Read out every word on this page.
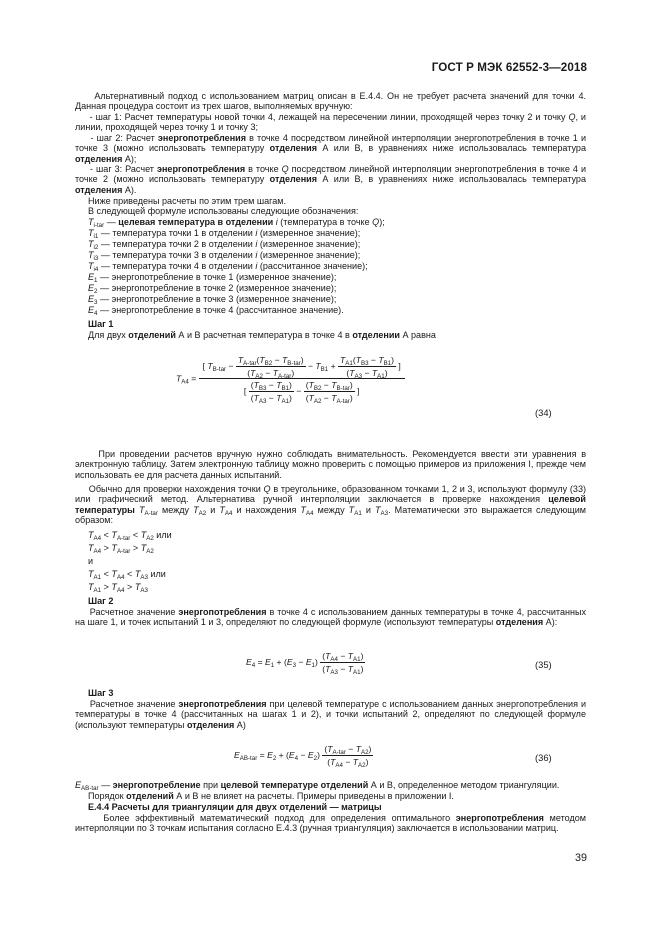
ГОСТ Р МЭК 62552-3—2018
Альтернативный подход с использованием матриц описан в Е.4.4. Он не требует расчета значений для точки 4. Данная процедура состоит из трех шагов, выполняемых вручную:
- шаг 1: Расчет температуры новой точки 4, лежащей на пересечении линии, проходящей через точку 2 и точку Q, и линии, проходящей через точку 1 и точку 3;
- шаг 2: Расчет энергопотребления в точке 4 посредством линейной интерполяции энергопотребления в точке 1 и точке 3 (можно использовать температуру отделения А или В, в уравнениях ниже использовалась температура отделения А);
- шаг 3: Расчет энергопотребления в точке Q посредством линейной интерполяции энергопотребления в точке 4 и точке 2 (можно использовать температуру отделения А или В, в уравнениях ниже использовалась температура отделения А).
Ниже приведены расчеты по этим трем шагам.
В следующей формуле использованы следующие обозначения:
$T_{i-tar}$ — целевая температура в отделении i (температура в точке Q);
$T_{i1}$ — температура точки 1 в отделении i (измеренное значение);
$T_{i2}$ — температура точки 2 в отделении i (измеренное значение);
$T_{i3}$ — температура точки 3 в отделении i (измеренное значение);
$T_{i4}$ — температура точки 4 в отделении i (рассчитанное значение);
$E_1$ — энергопотребление в точке 1 (измеренное значение);
$E_2$ — энергопотребление в точке 2 (измеренное значение);
$E_3$ — энергопотребление в точке 3 (измеренное значение);
$E_4$ — энергопотребление в точке 4 (рассчитанное значение).
Шаг 1
Для двух отделений А и В расчетная температура в точке 4 в отделении А равна
$T_{A4}$ =
[ $T_{B-tar} - \frac{T_{A-tar}(T_{B2} - T_{B-tar})}{(T_{A2} - T_{A-tar})} - T_{B1} + \frac{T_{A1}(T_{B3} - T_{B1})}{(T_{A3} - T_{A1})}$ ]
[ $\frac{(T_{B3} - T_{B1})}{(T_{A3} - T_{A1})} - \frac{(T_{B2} - T_{B-tar})}{(T_{A2} - T_{A-tar})}$ ]
(34)
При проведении расчетов вручную нужно соблюдать внимательность. Рекомендуется ввести эти уравнения в электронную таблицу. Затем электронную таблицу можно проверить с помощью примеров из приложения I, прежде чем использовать ее для расчета данных испытаний.
Обычно для проверки нахождения точки Q в треугольнике, образованном точками 1, 2 и 3, используют формулу (33) или графический метод. Альтернатива ручной интерполяции заключается в проверке нахождения целевой температуры $T_{A-tar}$ между $T_{A2}$ и $T_{A4}$ и нахождения $T_{A4}$ между $T_{A1}$ и $T_{A3}$. Математически это выражается следующим образом:
$T_{A4} < T_{A-tar} < T_{A2}$ или
$T_{A4} > T_{A-tar} > T_{A2}$
и
$T_{A1} < T_{A4} < T_{A3}$ или
$T_{A1} > T_{A4} > T_{A3}$
Шаг 2
Расчетное значение энергопотребления в точке 4 с использованием данных температуры в точке 4, рассчитанных на шаге 1, и точек испытаний 1 и 3, определяют по следующей формуле (используют температуры отделения А):
$E_4 = E_1 + (E_3 - E_1) \frac{(T_{A4} - T_{A1})}{(T_{A3} - T_{A1})}$	(35)
Шаг 3
Расчетное значение энергопотребления при целевой температуре с использованием данных энергопотребления и температуры в точке 4 (рассчитанных на шагах 1 и 2), и точки испытаний 2, определяют по следующей формуле (используют температуры отделения А)
$E_{AB-tar} = E_2 + (E_4 - E_2) \frac{(T_{A-tar} - T_{A2})}{(T_{A4} - T_{A2})}$	(36)
$E_{AB-tar}$ — энергопотребление при целевой температуре отделений А и В, определенное методом триангуляции.
Порядок отделений А и В не влияет на расчеты. Примеры приведены в приложении I.
Е.4.4 Расчеты для триангуляции для двух отделений — матрицы
Более эффективный математический подход для определения оптимального энергопотребления методом интерполяции по 3 точкам испытания согласно Е.4.3 (ручная триангуляция) заключается в использовании матриц.
39
